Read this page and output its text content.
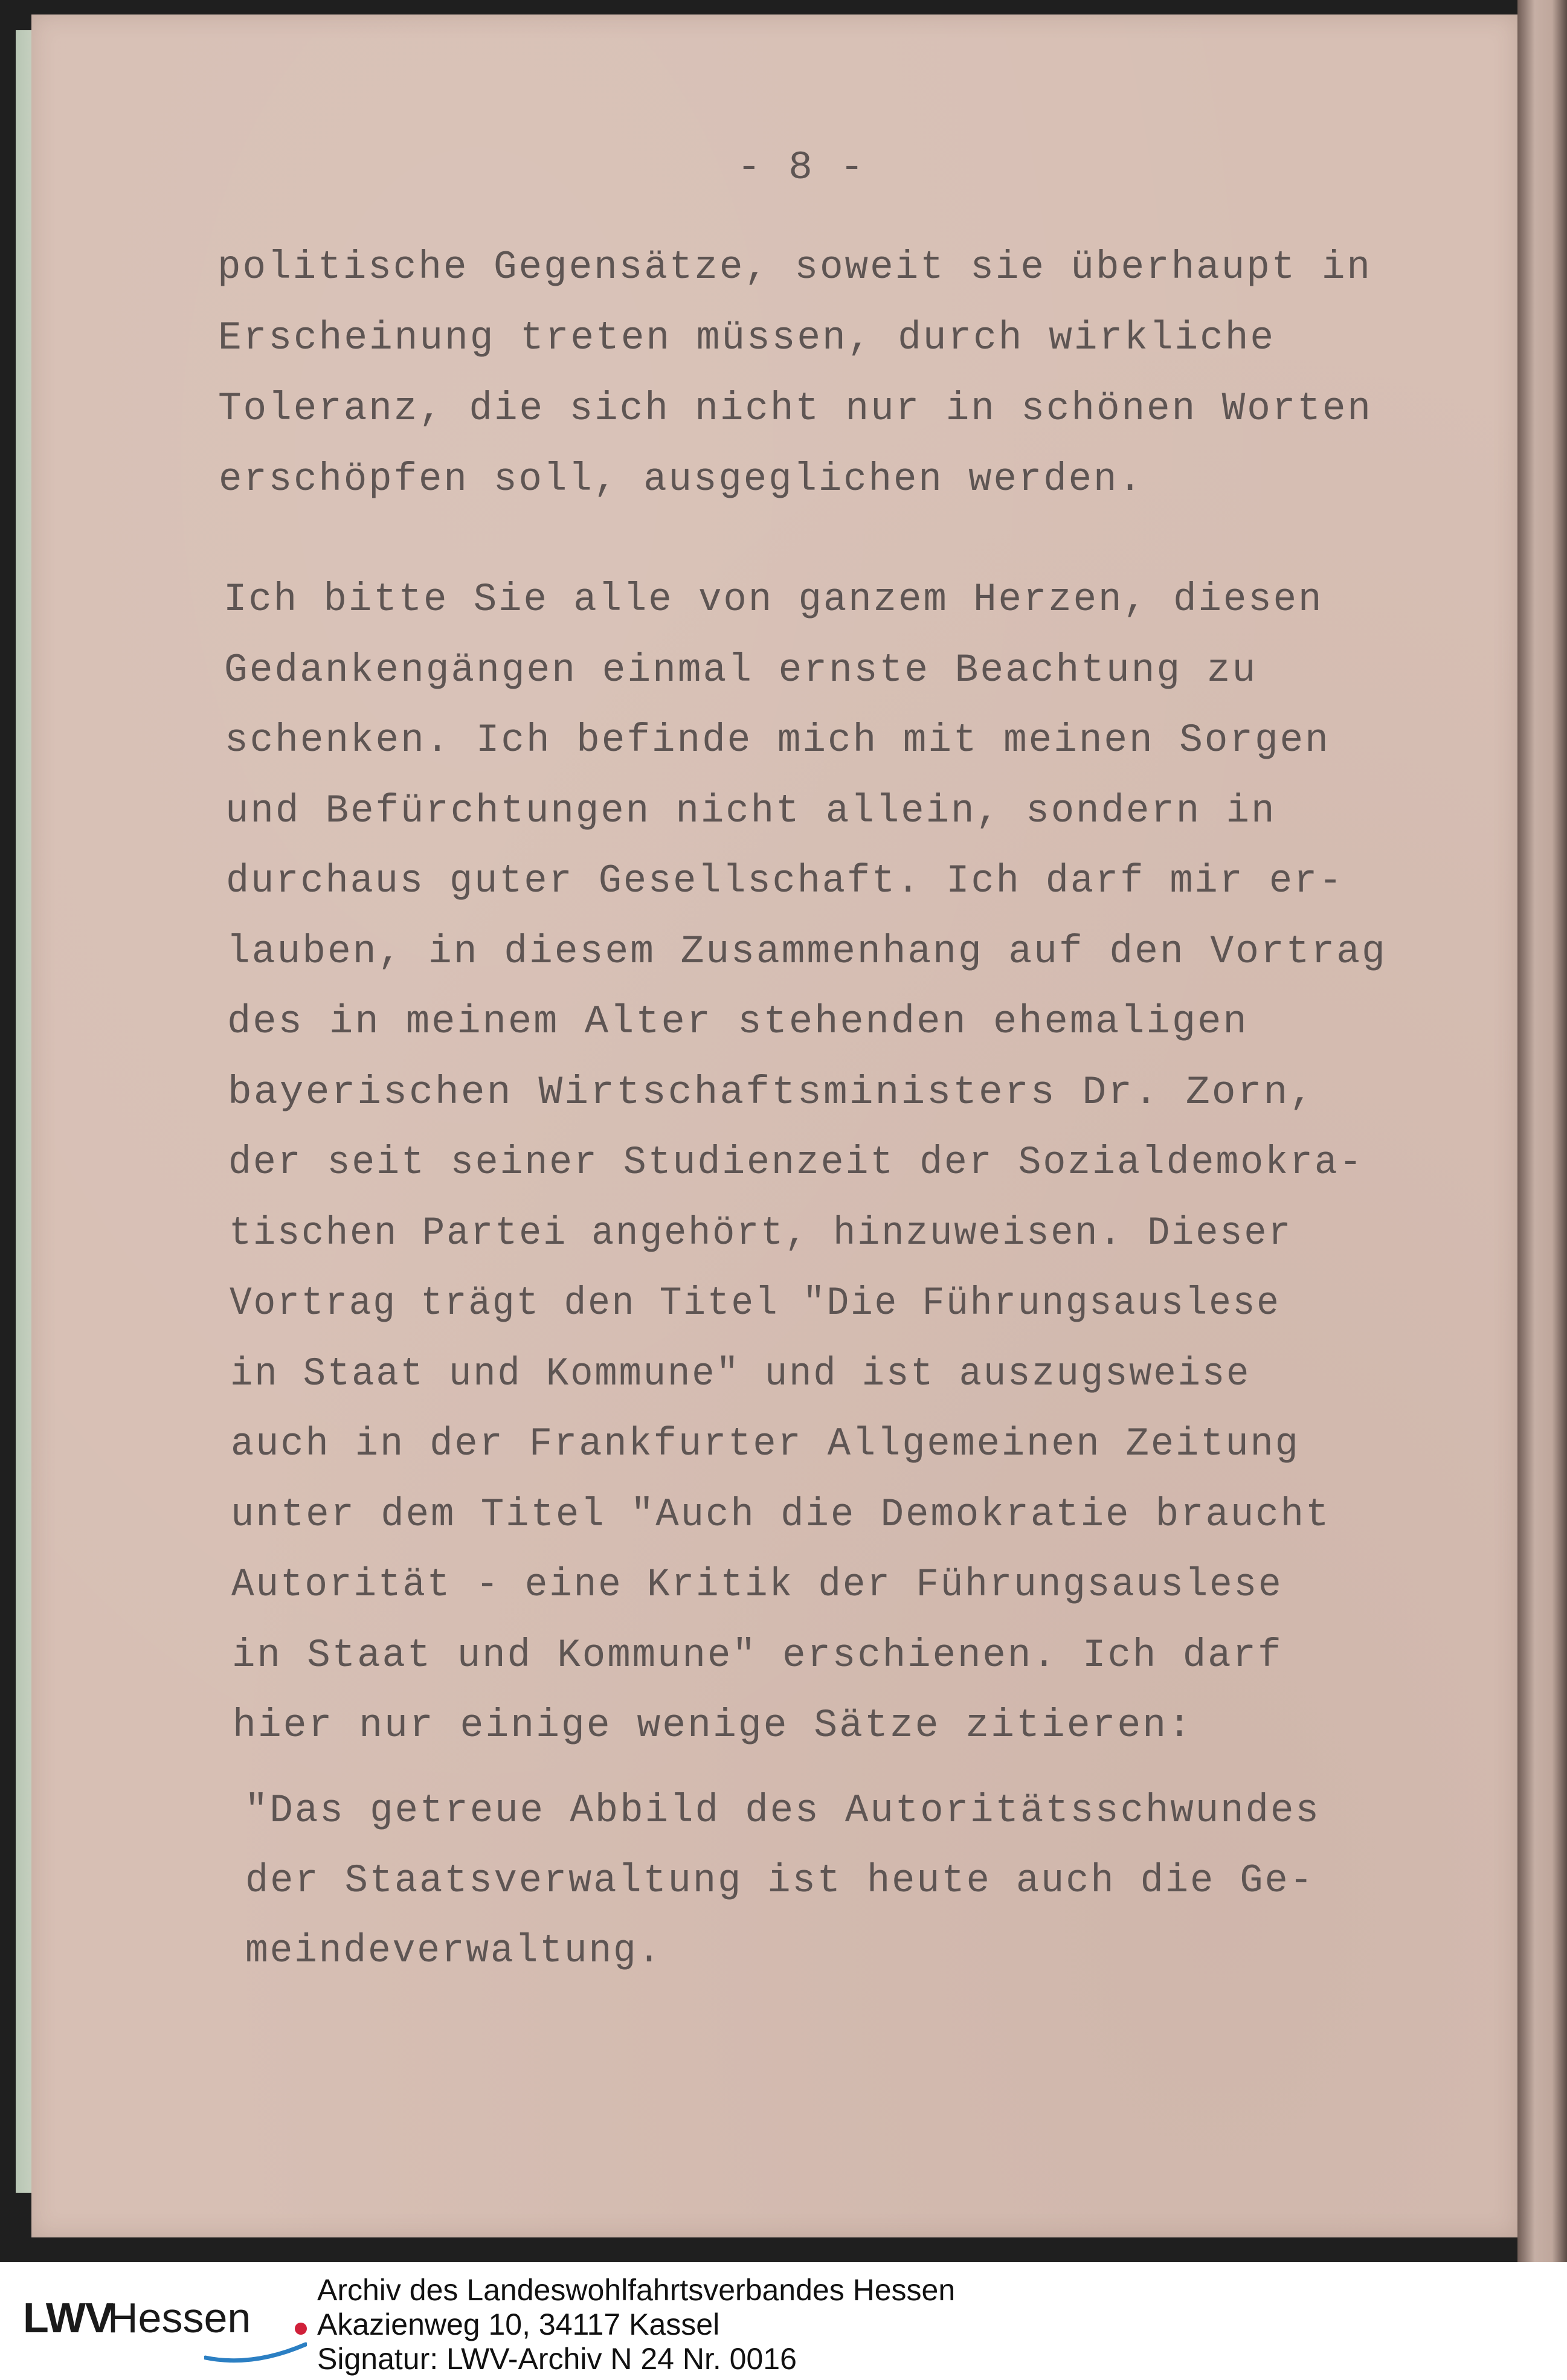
- 8 -

politische Gegensätze, soweit sie überhaupt in

Erscheinung treten müssen, durch wirkliche

Toleranz, die sich nicht nur in schönen Worten

erschöpfen soll, ausgeglichen werden.

Ich bitte Sie alle von ganzem Herzen, diesen

Gedankengängen einmal ernste Beachtung zu

schenken. Ich befinde mich mit meinen Sorgen

und Befürchtungen nicht allein, sondern in

durchaus guter Gesellschaft. Ich darf mir er-

lauben, in diesem Zusammenhang auf den Vortrag

des in meinem Alter stehenden ehemaligen

bayerischen Wirtschaftsministers Dr. Zorn,

der seit seiner Studienzeit der Sozialdemokra-

tischen Partei angehört, hinzuweisen. Dieser

Vortrag trägt den Titel "Die Führungsauslese

in Staat und Kommune" und ist auszugsweise

auch in der Frankfurter Allgemeinen Zeitung

unter dem Titel "Auch die Demokratie braucht

Autorität - eine Kritik der Führungsauslese

in Staat und Kommune" erschienen. Ich darf

hier nur einige wenige Sätze zitieren:

"Das getreue Abbild des Autoritätsschwundes

der Staatsverwaltung ist heute auch die Ge-

meindeverwaltung.

LWV
Hessen
Archiv des Landeswohlfahrtsverbandes Hessen
Akazienweg 10, 34117 Kassel
Signatur: LWV-Archiv N 24 Nr. 0016
